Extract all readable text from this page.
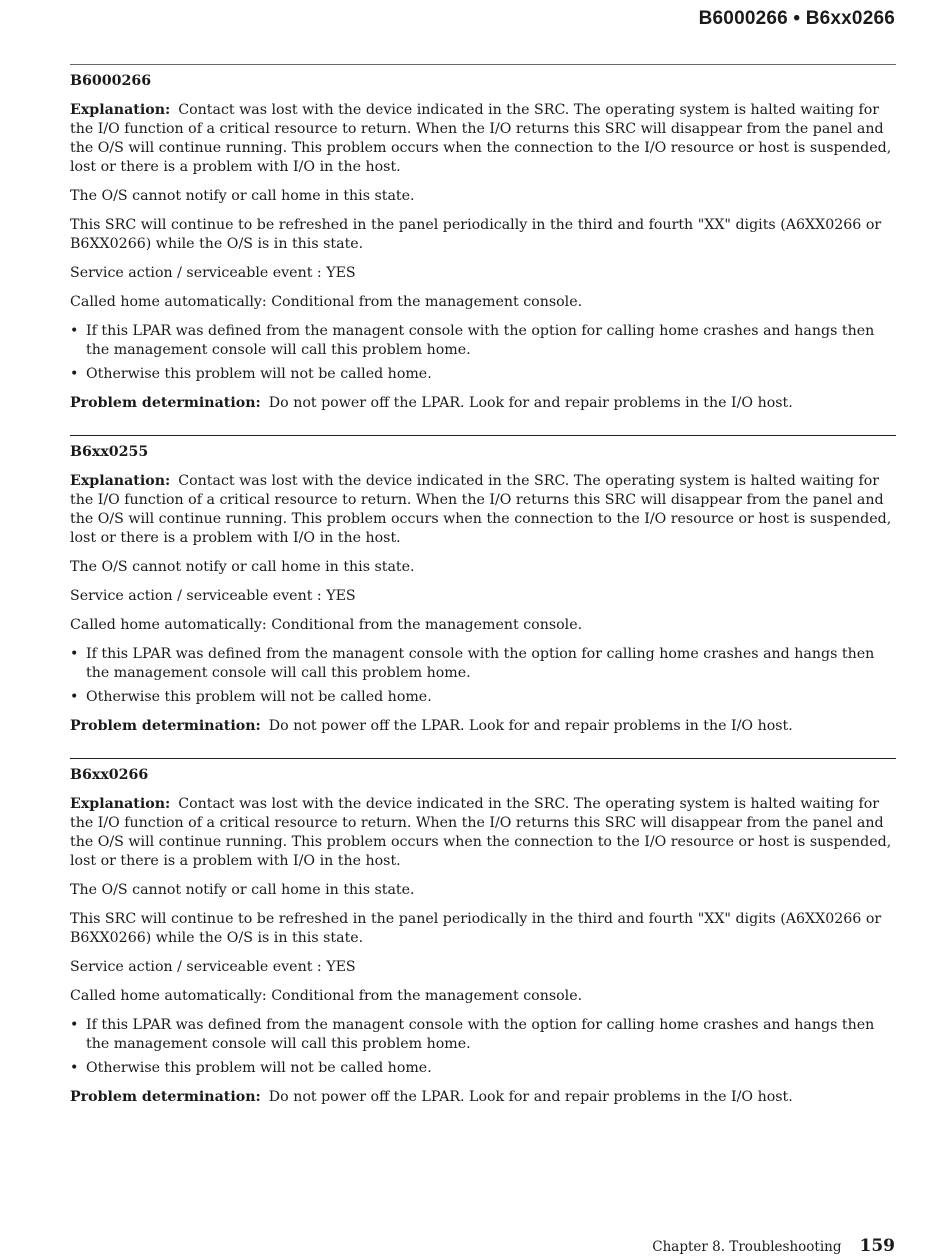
B6000266 • B6xx0266
B6000266

Explanation: Contact was lost with the device indicated in the SRC. The operating system is halted waiting for the I/O function of a critical resource to return. When the I/O returns this SRC will disappear from the panel and the O/S will continue running. This problem occurs when the connection to the I/O resource or host is suspended, lost or there is a problem with I/O in the host.

The O/S cannot notify or call home in this state.

This SRC will continue to be refreshed in the panel periodically in the third and fourth "XX" digits (A6XX0266 or B6XX0266) while the O/S is in this state.

Service action / serviceable event : YES

Called home automatically: Conditional from the management console.

• If this LPAR was defined from the managent console with the option for calling home crashes and hangs then the management console will call this problem home.
• Otherwise this problem will not be called home.

Problem determination: Do not power off the LPAR. Look for and repair problems in the I/O host.

B6xx0255

Explanation: Contact was lost with the device indicated in the SRC. The operating system is halted waiting for the I/O function of a critical resource to return. When the I/O returns this SRC will disappear from the panel and the O/S will continue running. This problem occurs when the connection to the I/O resource or host is suspended, lost or there is a problem with I/O in the host.

The O/S cannot notify or call home in this state.

Service action / serviceable event : YES

Called home automatically: Conditional from the management console.

• If this LPAR was defined from the managent console with the option for calling home crashes and hangs then the management console will call this problem home.
• Otherwise this problem will not be called home.

Problem determination: Do not power off the LPAR. Look for and repair problems in the I/O host.

B6xx0266

Explanation: Contact was lost with the device indicated in the SRC. The operating system is halted waiting for the I/O function of a critical resource to return. When the I/O returns this SRC will disappear from the panel and the O/S will continue running. This problem occurs when the connection to the I/O resource or host is suspended, lost or there is a problem with I/O in the host.

The O/S cannot notify or call home in this state.

This SRC will continue to be refreshed in the panel periodically in the third and fourth "XX" digits (A6XX0266 or B6XX0266) while the O/S is in this state.

Service action / serviceable event : YES

Called home automatically: Conditional from the management console.

• If this LPAR was defined from the managent console with the option for calling home crashes and hangs then the management console will call this problem home.
• Otherwise this problem will not be called home.

Problem determination: Do not power off the LPAR. Look for and repair problems in the I/O host.

Chapter 8. Troubleshooting 159
